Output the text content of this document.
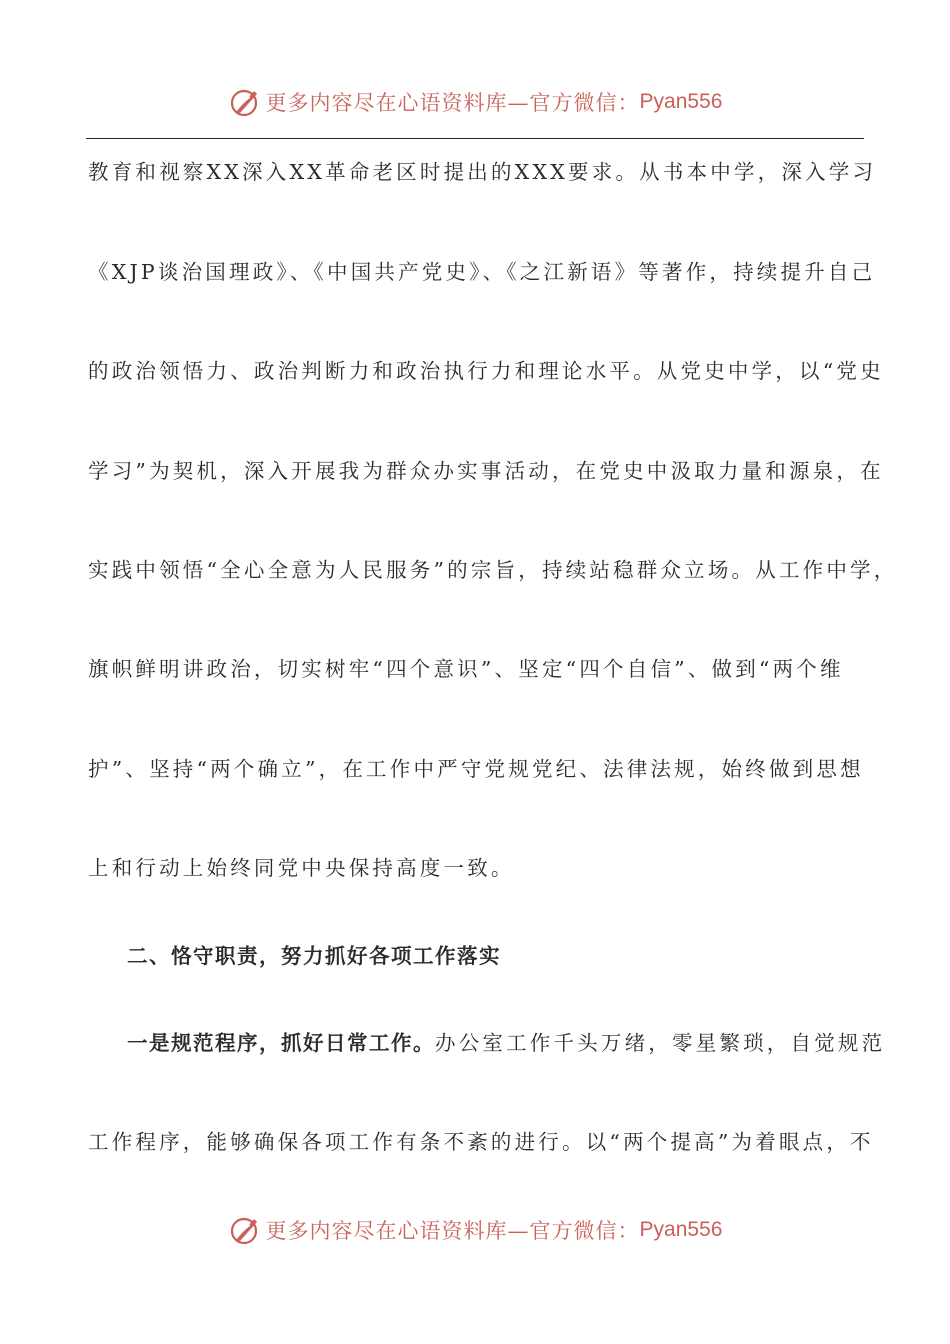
更多内容尽在心语资料库—官方微信： Pyan556
教育和视察XX深入XX革命老区时提出的XXX要求。从书本中学，深入学习
《XJP谈治国理政》、《中国共产党史》、《之江新语》等著作，持续提升自己
的政治领悟力、政治判断力和政治执行力和理论水平。从党史中学，以“党史
学习”为契机，深入开展我为群众办实事活动，在党史中汲取力量和源泉，在
实践中领悟“全心全意为人民服务”的宗旨，持续站稳群众立场。从工作中学，
旗帜鲜明讲政治，切实树牢“四个意识”、坚定“四个自信”、做到“两个维
护”、坚持“两个确立”，在工作中严守党规党纪、法律法规，始终做到思想
上和行动上始终同党中央保持高度一致。
二、恪守职责，努力抓好各项工作落实
一是规范程序，抓好日常工作。办公室工作千头万绪，零星繁琐，自觉规范
工作程序，能够确保各项工作有条不紊的进行。以“两个提高”为着眼点，不
更多内容尽在心语资料库—官方微信： Pyan556
